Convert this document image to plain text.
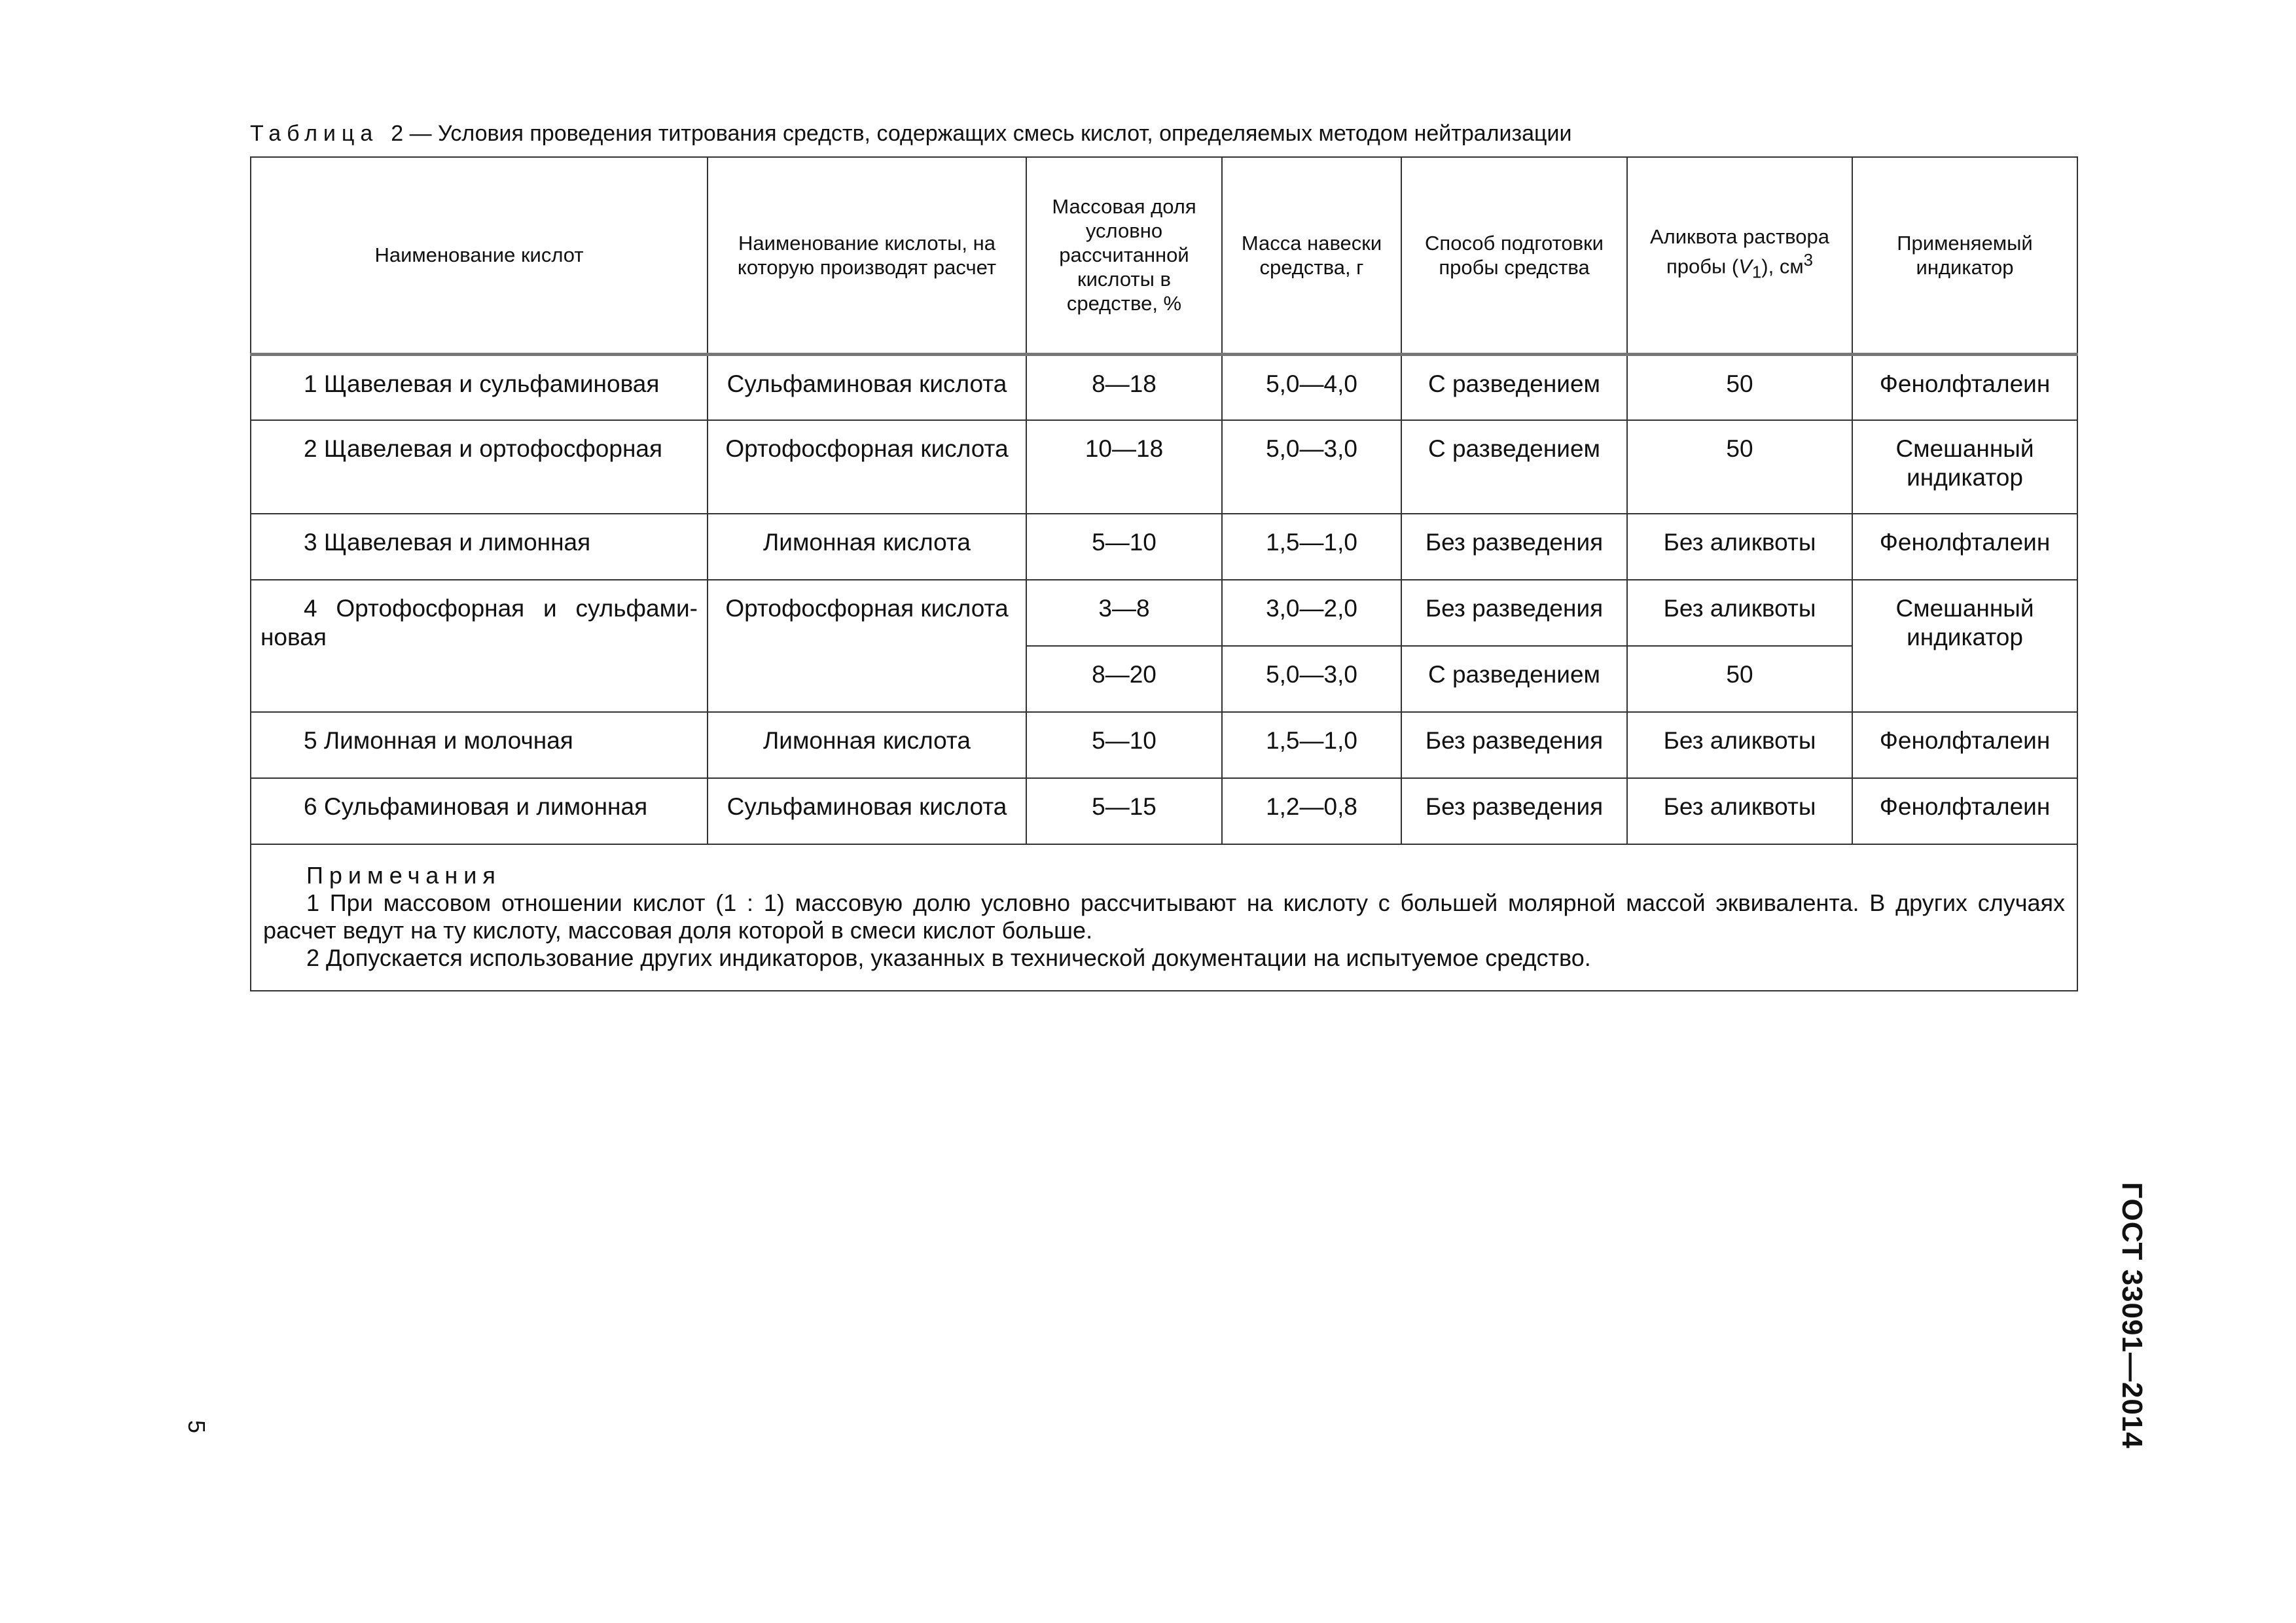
Таблица 2 — Условия проведения титрования средств, содержащих смесь кислот, определяемых методом нейтрализации
Наименование кислот	Наименование кислоты, на которую производят расчет	Массовая доля условно рассчитанной кислоты в средстве, %	Масса навески средства, г	Способ подготовки пробы средства	Аликвота раствора пробы $(V_1)$, $см^3$	Применяемый индикатор

1 Щавелевая и сульфаминовая	Сульфаминовая кислота	8—18	5,0—4,0	С разведением	50	Фенолфталеин

2 Щавелевая и ортофосфорная	Ортофосфорная кислота	10—18	5,0—3,0	С разведением	50	Смешанный индикатор

3 Щавелевая и лимонная	Лимонная кислота	5—10	1,5—1,0	Без разведения	Без аликвоты	Фенолфталеин

4 Ортофосфорная и сульфами-
новая	Ортофосфорная кислота	3—8	3,0—2,0	Без разведения	Без аликвоты	Смешанный индикатор
		8—20	5,0—3,0	С разведением	50	

5 Лимонная и молочная	Лимонная кислота	5—10	1,5—1,0	Без разведения	Без аликвоты	Фенолфталеин

6 Сульфаминовая и лимонная	Сульфаминовая кислота	5—15	1,2—0,8	Без разведения	Без аликвоты	Фенолфталеин

Примечания
1 При массовом отношении кислот (1 : 1) массовую долю условно рассчитывают на кислоту с большей молярной массой эквивалента. В других случаях расчет ведут на ту кислоту, массовая доля которой в смеси кислот больше.
2 Допускается использование других индикаторов, указанных в технической документации на испытуемое средство.						
ГОСТ 33091—2014
5
